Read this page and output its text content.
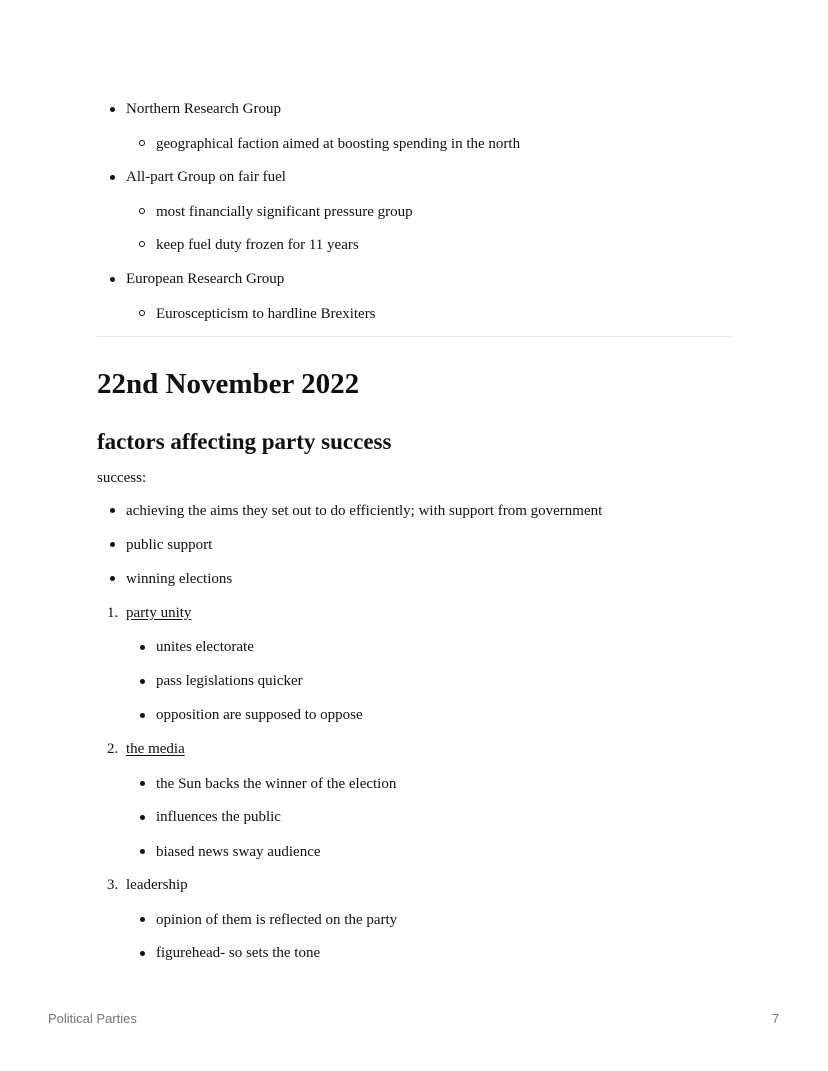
Northern Research Group
geographical faction aimed at boosting spending in the north
All-part Group on fair fuel
most financially significant pressure group
keep fuel duty frozen for 11 years
European Research Group
Euroscepticism to hardline Brexiters
22nd November 2022
factors affecting party success
success:
achieving the aims they set out to do efficiently; with support from government
public support
winning elections
1. party unity
unites electorate
pass legislations quicker
opposition are supposed to oppose
2. the media
the Sun backs the winner of the election
influences the public
biased news sway audience
3. leadership
opinion of them is reflected on the party
figurehead- so sets the tone
Political Parties	7
